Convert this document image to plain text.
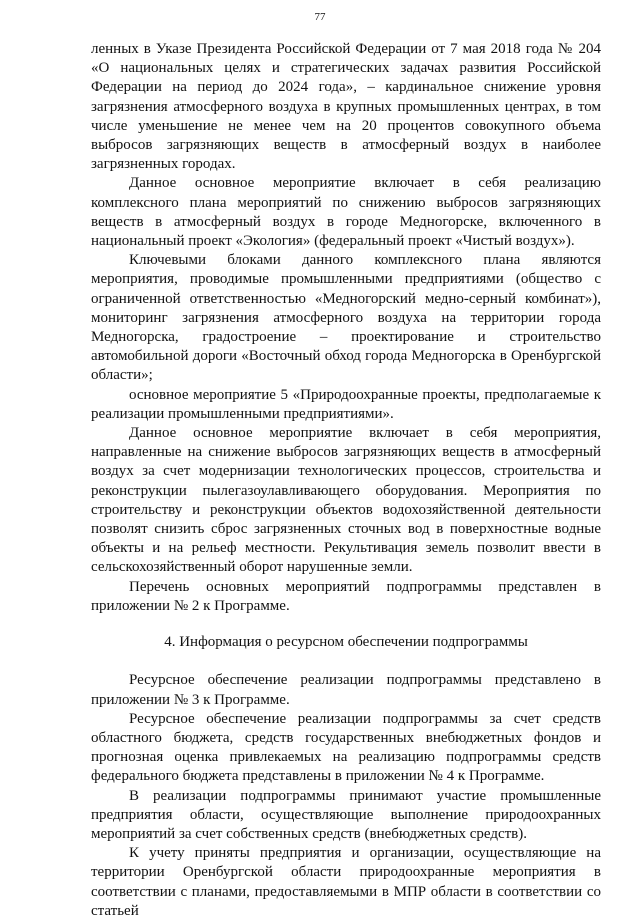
77

ленных в Указе Президента Российской Федерации от 7 мая 2018 года № 204 «О национальных целях и стратегических задачах развития Российской Федерации на период до 2024 года», – кардинальное снижение уровня загрязнения атмосферного воздуха в крупных промышленных центрах, в том числе уменьшение не менее чем на 20 процентов совокупного объема выбросов загрязняющих веществ в атмосферный воздух в наиболее загрязненных городах.

Данное основное мероприятие включает в себя реализацию комплексного плана мероприятий по снижению выбросов загрязняющих веществ в атмосферный воздух в городе Медногорске, включенного в национальный проект «Экология» (федеральный проект «Чистый воздух»).

Ключевыми блоками данного комплексного плана являются мероприятия, проводимые промышленными предприятиями (общество с ограниченной ответственностью «Медногорский медно-серный комбинат»), мониторинг загрязнения атмосферного воздуха на территории города Медногорска, градостроение – проектирование и строительство автомобильной дороги «Восточный обход города Медногорска в Оренбургской области»;

основное мероприятие 5 «Природоохранные проекты, предполагаемые к реализации промышленными предприятиями».

Данное основное мероприятие включает в себя мероприятия, направленные на снижение выбросов загрязняющих веществ в атмосферный воздух за счет модернизации технологических процессов, строительства и реконструкции пылегазоулавливающего оборудования. Мероприятия по строительству и реконструкции объектов водохозяйственной деятельности позволят снизить сброс загрязненных сточных вод в поверхностные водные объекты и на рельеф местности. Рекультивация земель позволит ввести в сельскохозяйственный оборот нарушенные земли.

Перечень основных мероприятий подпрограммы представлен в приложении № 2 к Программе.

4. Информация о ресурсном обеспечении подпрограммы

Ресурсное обеспечение реализации подпрограммы представлено в приложении № 3 к Программе.

Ресурсное обеспечение реализации подпрограммы за счет средств областного бюджета, средств государственных внебюджетных фондов и прогнозная оценка привлекаемых на реализацию подпрограммы средств федерального бюджета представлены в приложении № 4 к Программе.

В реализации подпрограммы принимают участие промышленные предприятия области, осуществляющие выполнение природоохранных мероприятий за счет собственных средств (внебюджетных средств).

К учету приняты предприятия и организации, осуществляющие на территории Оренбургской области природоохранные мероприятия в соответствии с планами, предоставляемыми в МПР области в соответствии со статьей
